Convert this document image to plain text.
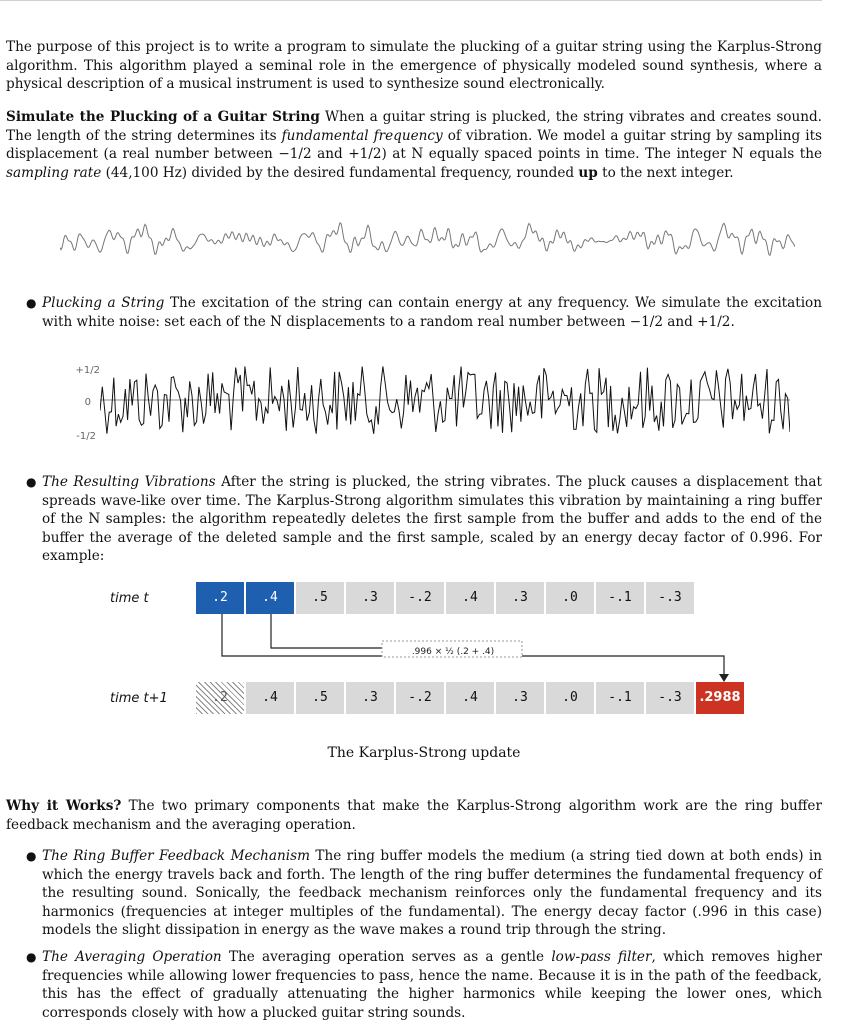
The purpose of this project is to write a program to simulate the plucking of a guitar string using the Karplus-Strong algorithm. This algorithm played a seminal role in the emergence of physically modeled sound synthesis, where a physical description of a musical instrument is used to synthesize sound electronically.

Simulate the Plucking of a Guitar String When a guitar string is plucked, the string vibrates and creates sound. The length of the string determines its fundamental frequency of vibration. We model a guitar string by sampling its displacement (a real number between −1/2 and +1/2) at N equally spaced points in time. The integer N equals the sampling rate (44,100 Hz) divided by the desired fundamental frequency, rounded up to the next integer.

● Plucking a String The excitation of the string can contain energy at any frequency. We simulate the excitation with white noise: set each of the N displacements to a random real number between −1/2 and +1/2.
+1/2
0
-1/2
● The Resulting Vibrations After the string is plucked, the string vibrates. The pluck causes a displacement that spreads wave-like over time. The Karplus-Strong algorithm simulates this vibration by maintaining a ring buffer of the N samples: the algorithm repeatedly deletes the first sample from the buffer and adds to the end of the buffer the average of the deleted sample and the first sample, scaled by an energy decay factor of 0.996. For example:
time t	.2	.4	.5	.3	-.2	.4	.3	.0	-.1	-.3
.996 × ½ (.2 + .4)
time t+1	.2	.4	.5	.3	-.2	.4	.3	.0	-.1	-.3	.2988
The Karplus-Strong update

Why it Works? The two primary components that make the Karplus-Strong algorithm work are the ring buffer feedback mechanism and the averaging operation.

● The Ring Buffer Feedback Mechanism The ring buffer models the medium (a string tied down at both ends) in which the energy travels back and forth. The length of the ring buffer determines the fundamental frequency of the resulting sound. Sonically, the feedback mechanism reinforces only the fundamental frequency and its harmonics (frequencies at integer multiples of the fundamental). The energy decay factor (.996 in this case) models the slight dissipation in energy as the wave makes a round trip through the string.
● The Averaging Operation The averaging operation serves as a gentle low-pass filter, which removes higher frequencies while allowing lower frequencies to pass, hence the name. Because it is in the path of the feedback, this has the effect of gradually attenuating the higher harmonics while keeping the lower ones, which corresponds closely with how a plucked guitar string sounds.
